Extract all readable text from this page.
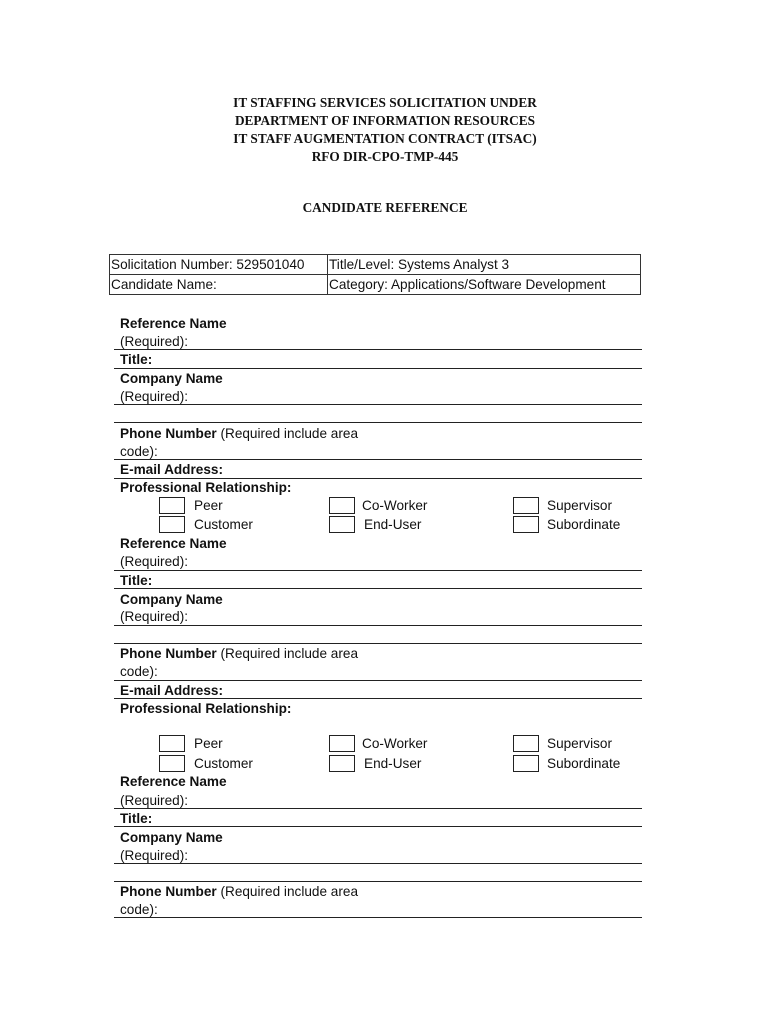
IT STAFFING SERVICES SOLICITATION UNDER
DEPARTMENT OF INFORMATION RESOURCES
IT STAFF AUGMENTATION CONTRACT (ITSAC)
RFO DIR-CPO-TMP-445
CANDIDATE REFERENCE
Solicitation Number: 529501040	Title/Level: Systems Analyst 3
Candidate Name:	Category: Applications/Software Development
Reference Name
(Required):
Title:
Company Name
(Required):
Phone Number (Required include area
code):
E-mail Address:
Professional Relationship:
Peer	Co-Worker	Supervisor
Customer	End-User	Subordinate
Reference Name
(Required):
Title:
Company Name
(Required):
Phone Number (Required include area
code):
E-mail Address:
Professional Relationship:
Peer	Co-Worker	Supervisor
Customer	End-User	Subordinate
Reference Name
(Required):
Title:
Company Name
(Required):
Phone Number (Required include area
code):
